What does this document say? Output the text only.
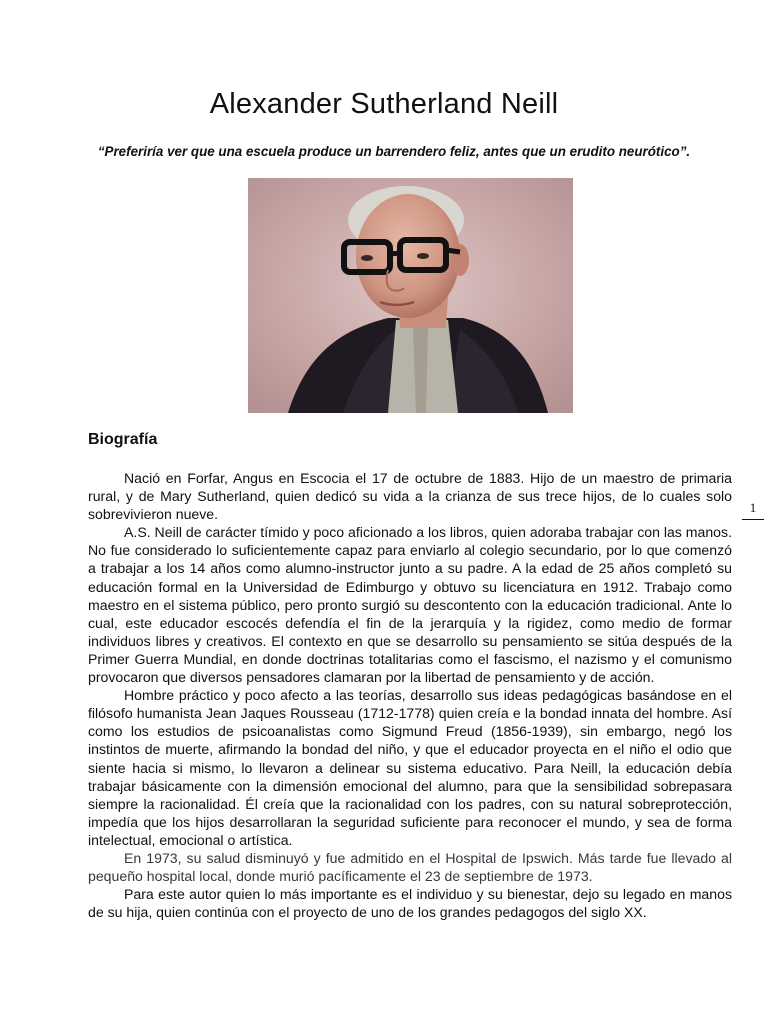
Alexander Sutherland Neill

“Preferiría ver que una escuela produce un barrendero feliz, antes que un erudito neurótico”.

Biografía

Nació en Forfar, Angus en Escocia el 17 de octubre de 1883. Hijo de un maestro de primaria rural, y de Mary Sutherland, quien dedicó su vida a la crianza de sus trece hijos, de lo cuales solo sobrevivieron nueve.

A.S. Neill de carácter tímido y poco aficionado a los libros, quien adoraba trabajar con las manos. No fue considerado lo suficientemente capaz para enviarlo al colegio secundario, por lo que comenzó a trabajar a los 14 años como alumno-instructor junto a su padre. A la edad de 25 años completó su educación formal en la Universidad de Edimburgo y obtuvo su licenciatura en 1912. Trabajo como maestro en el sistema público, pero pronto surgió su descontento con la educación tradicional. Ante lo cual, este educador escocés defendía el fin de la jerarquía y la rigidez, como medio de formar individuos libres y creativos. El contexto en que se desarrollo su pensamiento se sitúa después de la Primer Guerra Mundial, en donde doctrinas totalitarias como el fascismo, el nazismo y el comunismo provocaron que diversos pensadores clamaran por la libertad de pensamiento y de acción.

Hombre práctico y poco afecto a las teorías, desarrollo sus ideas pedagógicas basándose en el filósofo humanista Jean Jaques Rousseau (1712-1778) quien creía e la bondad innata del hombre. Así como los estudios de psicoanalistas como Sigmund Freud (1856-1939), sin embargo, negó los instintos de muerte, afirmando la bondad del niño, y que el educador proyecta en el niño el odio que siente hacia si mismo, lo llevaron a delinear su sistema educativo. Para Neill, la educación debía trabajar básicamente con la dimensión emocional del alumno, para que la sensibilidad sobrepasara siempre la racionalidad. Él creía que la racionalidad con los padres, con su natural sobreprotección, impedía que los hijos desarrollaran la seguridad suficiente para reconocer el mundo, y sea de forma intelectual, emocional o artística.

En 1973, su salud disminuyó y fue admitido en el Hospital de Ipswich. Más tarde fue llevado al pequeño hospital local, donde murió pacíficamente el 23 de septiembre de 1973.

Para este autor quien lo más importante es el individuo y su bienestar, dejo su legado en manos de su hija, quien continúa con el proyecto de uno de los grandes pedagogos del siglo XX.

1
